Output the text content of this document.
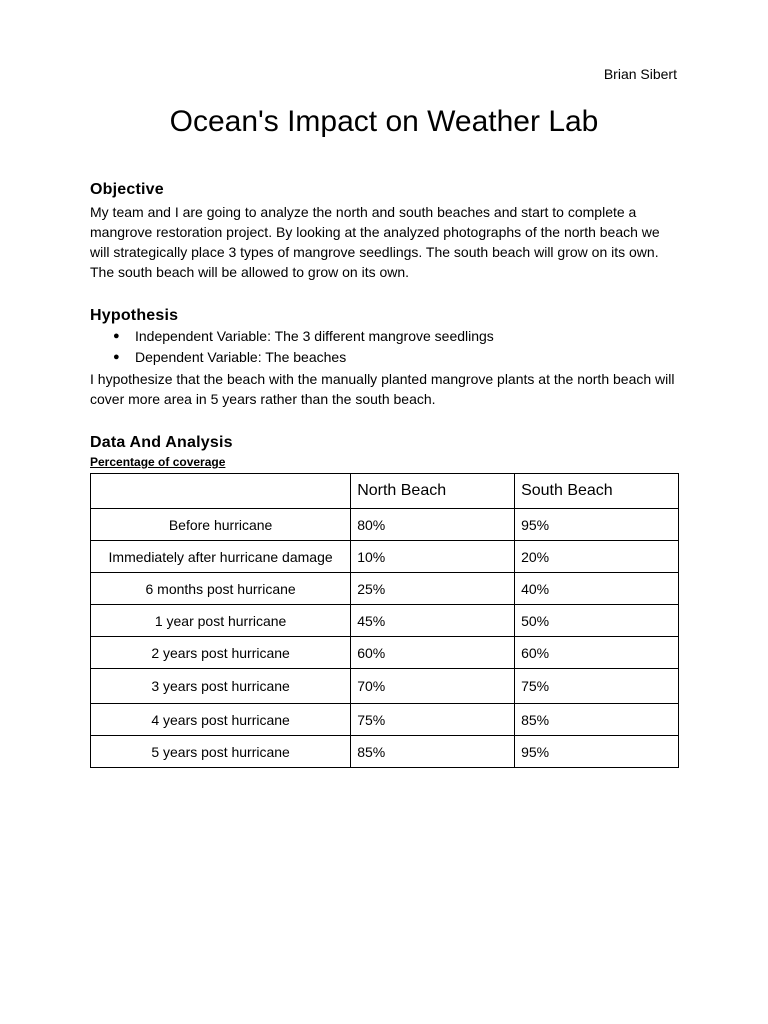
Brian Sibert
Ocean's Impact on Weather Lab
Objective

My team and I are going to analyze the north and south beaches and start to complete a mangrove restoration project. By looking at the analyzed photographs of the north beach we will strategically place 3 types of mangrove seedlings. The south beach will grow on its own. The south beach will be allowed to grow on its own.

Hypothesis
● Independent Variable: The 3 different mangrove seedlings
● Dependent Variable: The beaches

I hypothesize that the beach with the manually planted mangrove plants at the north beach will cover more area in 5 years rather than the south beach.

Data And Analysis
Percentage of coverage
	North Beach	South Beach
Before hurricane	80%	95%
Immediately after hurricane damage	10%	20%
6 months post hurricane	25%	40%
1 year post hurricane	45%	50%
2 years post hurricane	60%	60%
3 years post hurricane	70%	75%
4 years post hurricane	75%	85%
5 years post hurricane	85%	95%
